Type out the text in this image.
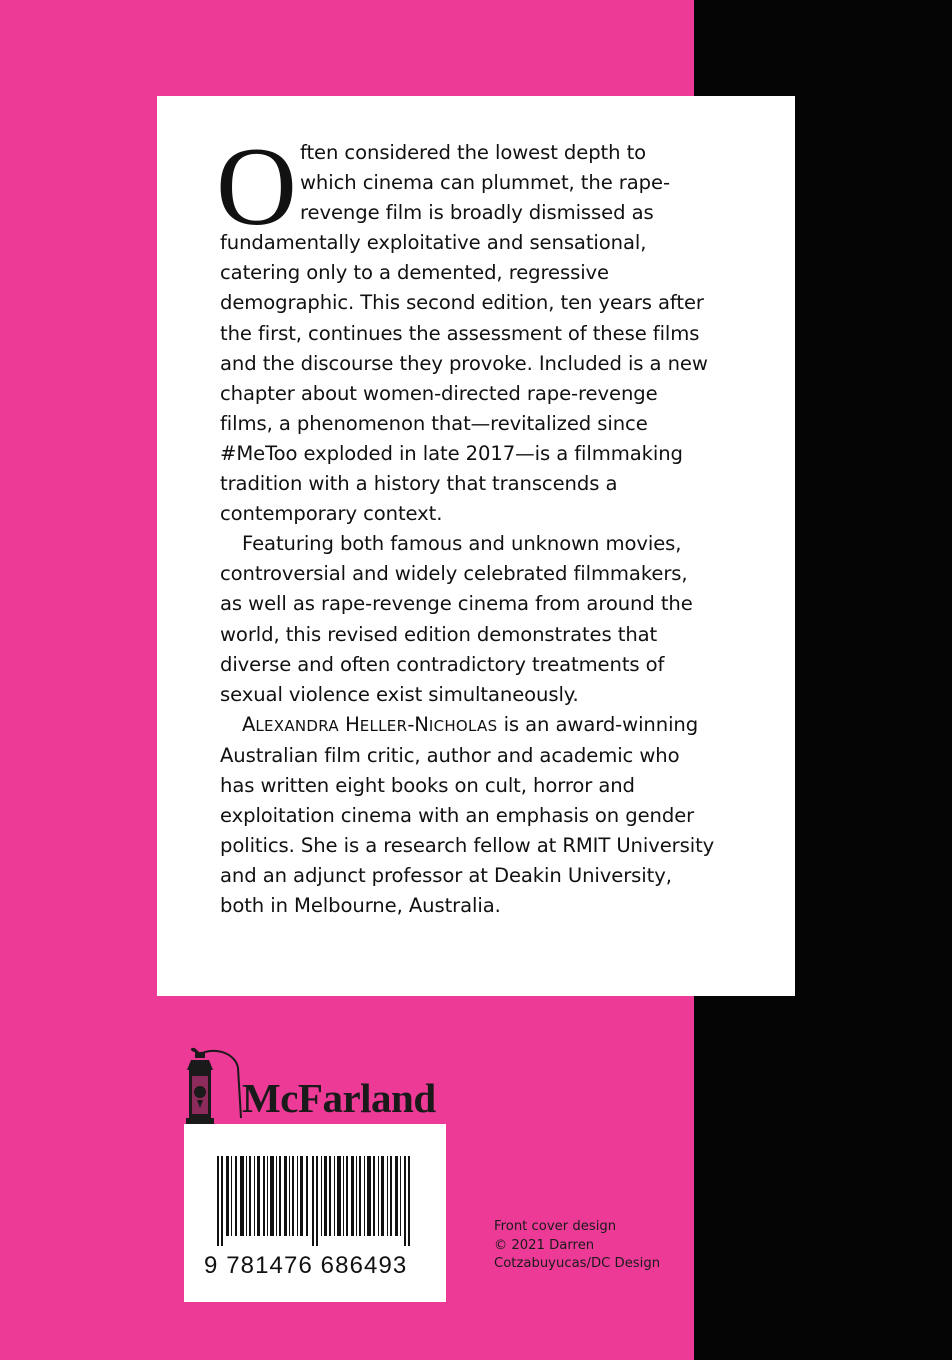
O ften considered the lowest depth to
which cinema can plummet, the rape-
revenge film is broadly dismissed as
fundamentally exploitative and sensational,
catering only to a demented, regressive
demographic. This second edition, ten years after
the first, continues the assessment of these films
and the discourse they provoke. Included is a new
chapter about women-directed rape-revenge
films, a phenomenon that—revitalized since
#MeToo exploded in late 2017—is a filmmaking
tradition with a history that transcends a
contemporary context.

Featuring both famous and unknown movies,
controversial and widely celebrated filmmakers,
as well as rape-revenge cinema from around the
world, this revised edition demonstrates that
diverse and often contradictory treatments of
sexual violence exist simultaneously.

ALEXANDRA HELLER-NICHOLAS is an award-winning
Australian film critic, author and academic who
has written eight books on cult, horror and
exploitation cinema with an emphasis on gender
politics. She is a research fellow at RMIT University
and an adjunct professor at Deakin University,
both in Melbourne, Australia.

McFarland
9 781476 686493
Front cover design
© 2021 Darren
Cotzabuyucas/DC Design
